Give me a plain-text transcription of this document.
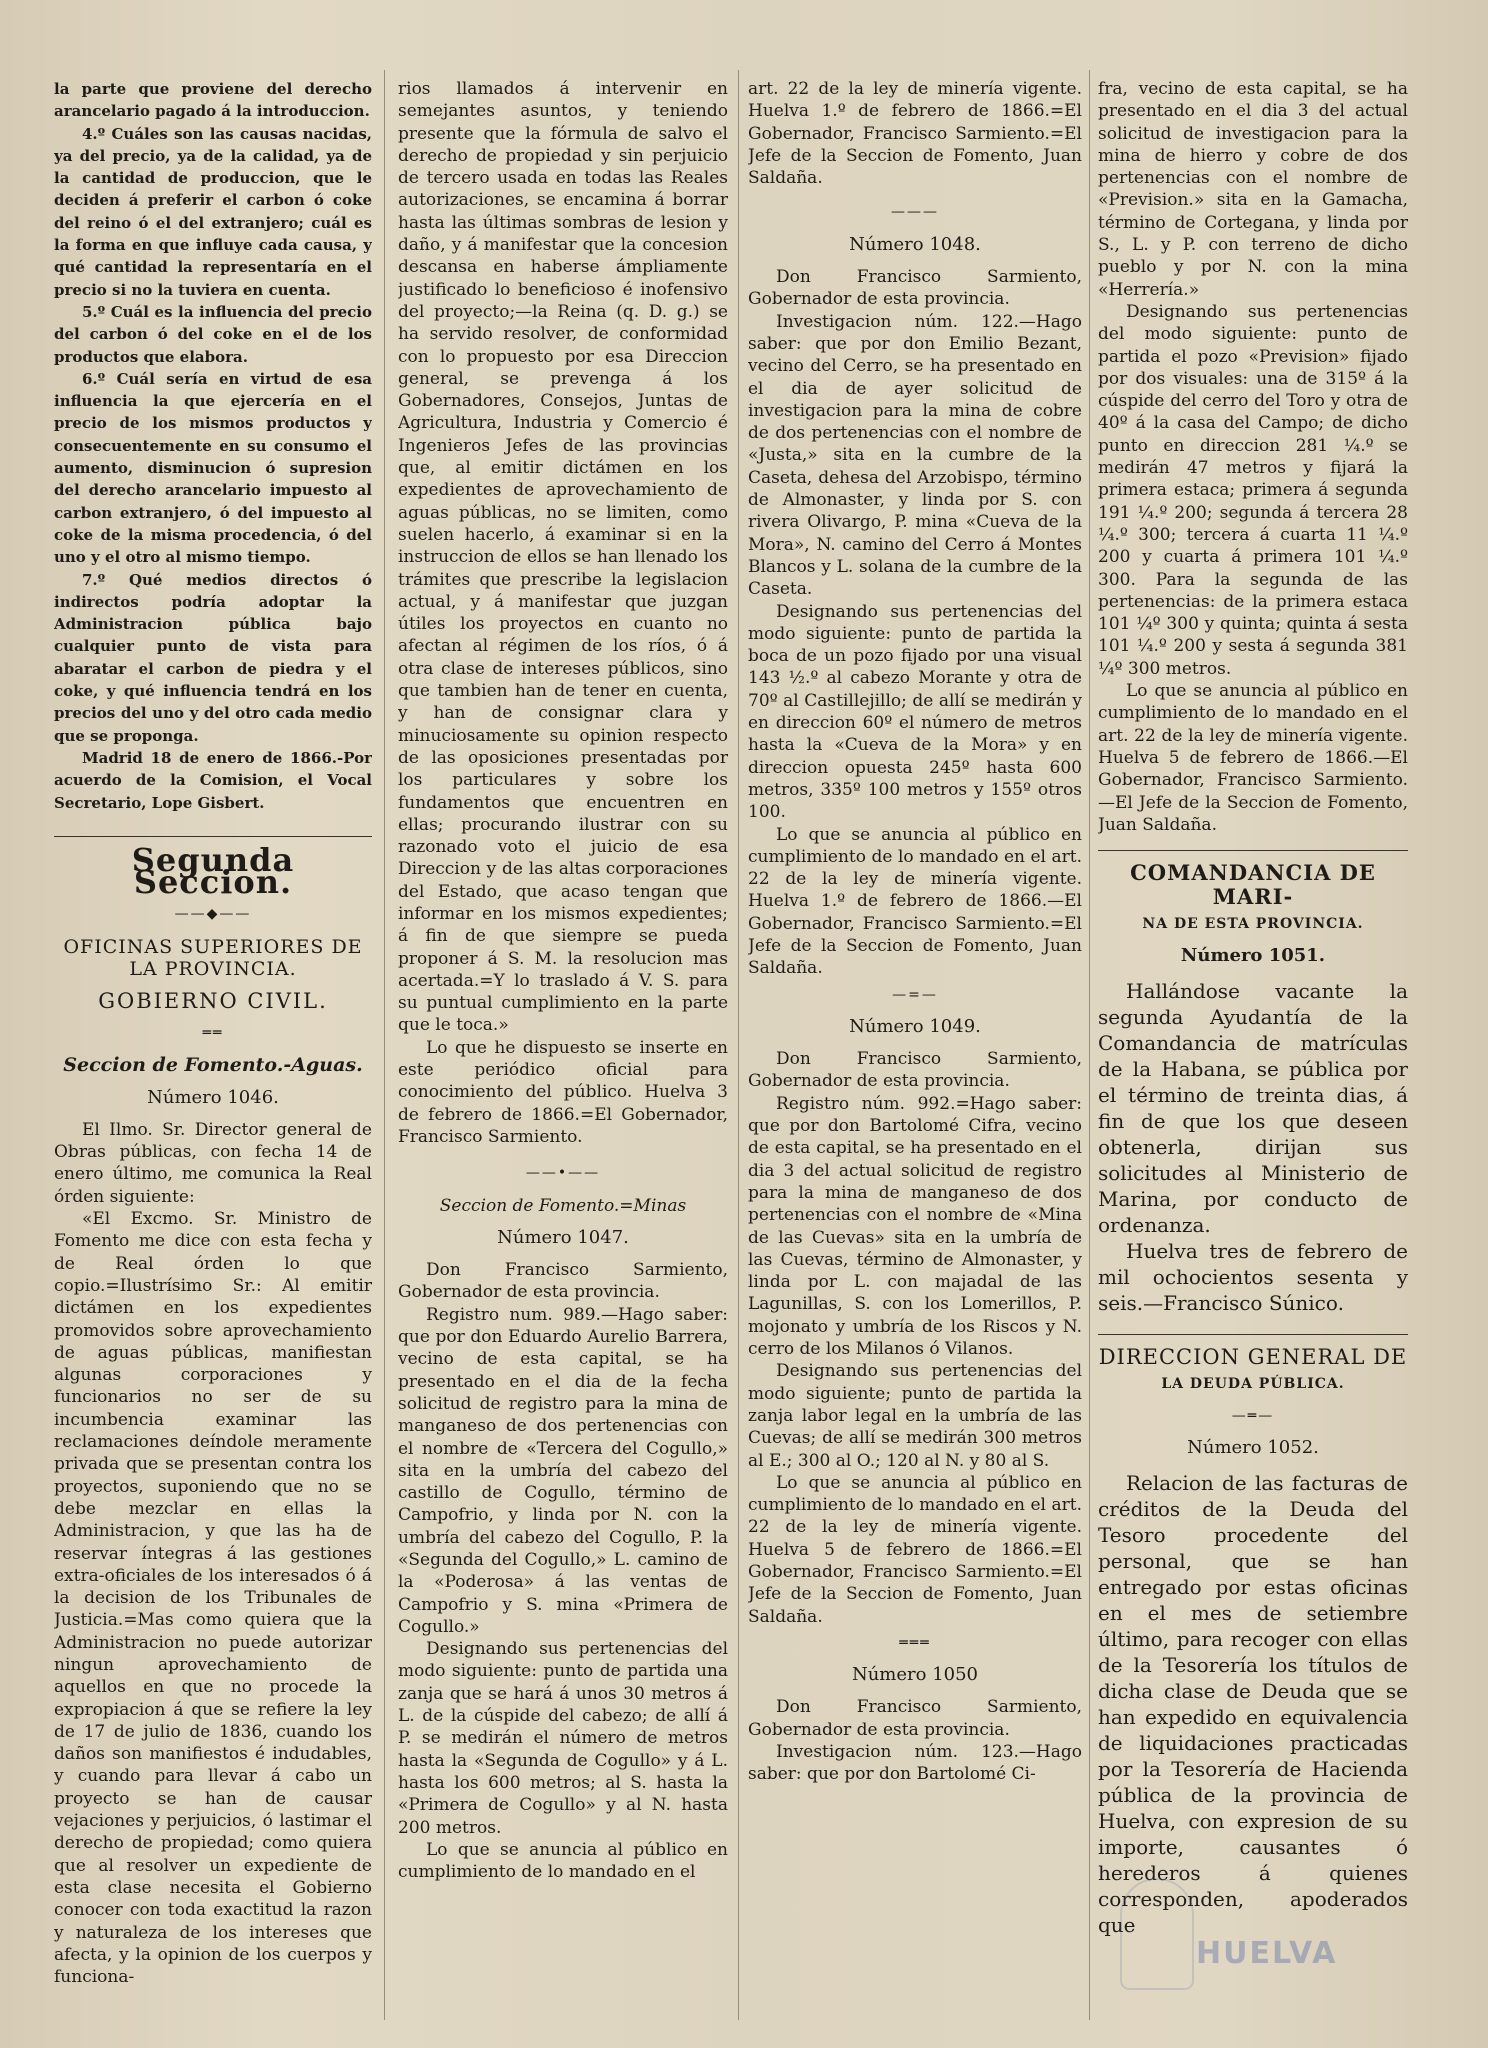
la parte que proviene del derecho arancelario pagado á la introduccion.

4.º Cuáles son las causas nacidas, ya del precio, ya de la calidad, ya de la cantidad de produccion, que le deciden á preferir el carbon ó coke del reino ó el del extranjero; cuál es la forma en que influye cada causa, y qué cantidad la representaría en el precio si no la tuviera en cuenta.

5.º Cuál es la influencia del precio del carbon ó del coke en el de los productos que elabora.

6.º Cuál sería en virtud de esa influencia la que ejercería en el precio de los mismos productos y consecuentemente en su consumo el aumento, disminucion ó supresion del derecho arancelario impuesto al carbon extranjero, ó del impuesto al coke de la misma procedencia, ó del uno y el otro al mismo tiempo.

7.º Qué medios directos ó indirectos podría adoptar la Administracion pública bajo cualquier punto de vista para abaratar el carbon de piedra y el coke, y qué influencia tendrá en los precios del uno y del otro cada medio que se proponga.

Madrid 18 de enero de 1866.-Por acuerdo de la Comision, el Vocal Secretario, Lope Gisbert.

Segunda Seccion.
——◆——
OFICINAS SUPERIORES DE LA PROVINCIA.
GOBIERNO CIVIL.
══
Seccion de Fomento.-Aguas.
Número 1046.

El Ilmo. Sr. Director general de Obras públicas, con fecha 14 de enero último, me comunica la Real órden siguiente:

«El Excmo. Sr. Ministro de Fomento me dice con esta fecha y de Real órden lo que copio.=Ilustrísimo Sr.: Al emitir dictámen en los expedientes promovidos sobre aprovechamiento de aguas públicas, manifiestan algunas corporaciones y funcionarios no ser de su incumbencia examinar las reclamaciones deíndole meramente privada que se presentan contra los proyectos, suponiendo que no se debe mezclar en ellas la Administracion, y que las ha de reservar íntegras á las gestiones extra-oficiales de los interesados ó á la decision de los Tribunales de Justicia.=Mas como quiera que la Administracion no puede autorizar ningun aprovechamiento de aquellos en que no procede la expropiacion á que se refiere la ley de 17 de julio de 1836, cuando los daños son manifiestos é indudables, y cuando para llevar á cabo un proyecto se han de causar vejaciones y perjuicios, ó lastimar el derecho de propiedad; como quiera que al resolver un expediente de esta clase necesita el Gobierno conocer con toda exactitud la razon y naturaleza de los intereses que afecta, y la opinion de los cuerpos y funciona-

rios llamados á intervenir en semejantes asuntos, y teniendo presente que la fórmula de salvo el derecho de propiedad y sin perjuicio de tercero usada en todas las Reales autorizaciones, se encamina á borrar hasta las últimas sombras de lesion y daño, y á manifestar que la concesion descansa en haberse ámpliamente justificado lo beneficioso é inofensivo del proyecto;—la Reina (q. D. g.) se ha servido resolver, de conformidad con lo propuesto por esa Direccion general, se prevenga á los Gobernadores, Consejos, Juntas de Agricultura, Industria y Comercio é Ingenieros Jefes de las provincias que, al emitir dictámen en los expedientes de aprovechamiento de aguas públicas, no se limiten, como suelen hacerlo, á examinar si en la instruccion de ellos se han llenado los trámites que prescribe la legislacion actual, y á manifestar que juzgan útiles los proyectos en cuanto no afectan al régimen de los ríos, ó á otra clase de intereses públicos, sino que tambien han de tener en cuenta, y han de consignar clara y minuciosamente su opinion respecto de las oposiciones presentadas por los particulares y sobre los fundamentos que encuentren en ellas; procurando ilustrar con su razonado voto el juicio de esa Direccion y de las altas corporaciones del Estado, que acaso tengan que informar en los mismos expedientes; á fin de que siempre se pueda proponer á S. M. la resolucion mas acertada.=Y lo traslado á V. S. para su puntual cumplimiento en la parte que le toca.»

Lo que he dispuesto se inserte en este periódico oficial para conocimiento del público. Huelva 3 de febrero de 1866.=El Gobernador, Francisco Sarmiento.

——•——
Seccion de Fomento.=Minas
Número 1047.

Don Francisco Sarmiento, Gobernador de esta provincia.

Registro num. 989.—Hago saber: que por don Eduardo Aurelio Barrera, vecino de esta capital, se ha presentado en el dia de la fecha solicitud de registro para la mina de manganeso de dos pertenencias con el nombre de «Tercera del Cogullo,» sita en la umbría del cabezo del castillo de Cogullo, término de Campofrio, y linda por N. con la umbría del cabezo del Cogullo, P. la «Segunda del Cogullo,» L. camino de la «Poderosa» á las ventas de Campofrio y S. mina «Primera de Cogullo.»

Designando sus pertenencias del modo siguiente: punto de partida una zanja que se hará á unos 30 metros á L. de la cúspide del cabezo; de allí á P. se medirán el número de metros hasta la «Segunda de Cogullo» y á L. hasta los 600 metros; al S. hasta la «Primera de Cogullo» y al N. hasta 200 metros.

Lo que se anuncia al público en cumplimiento de lo mandado en el

art. 22 de la ley de minería vigente. Huelva 1.º de febrero de 1866.=El Gobernador, Francisco Sarmiento.=El Jefe de la Seccion de Fomento, Juan Saldaña.

———
Número 1048.

Don Francisco Sarmiento, Gobernador de esta provincia.

Investigacion núm. 122.—Hago saber: que por don Emilio Bezant, vecino del Cerro, se ha presentado en el dia de ayer solicitud de investigacion para la mina de cobre de dos pertenencias con el nombre de «Justa,» sita en la cumbre de la Caseta, dehesa del Arzobispo, término de Almonaster, y linda por S. con rivera Olivargo, P. mina «Cueva de la Mora», N. camino del Cerro á Montes Blancos y L. solana de la cumbre de la Caseta.

Designando sus pertenencias del modo siguiente: punto de partida la boca de un pozo fijado por una visual 143 ½.º al cabezo Morante y otra de 70º al Castillejillo; de allí se medirán y en direccion 60º el número de metros hasta la «Cueva de la Mora» y en direccion opuesta 245º hasta 600 metros, 335º 100 metros y 155º otros 100.

Lo que se anuncia al público en cumplimiento de lo mandado en el art. 22 de la ley de minería vigente. Huelva 1.º de febrero de 1866.—El Gobernador, Francisco Sarmiento.=El Jefe de la Seccion de Fomento, Juan Saldaña.

—=—
Número 1049.

Don Francisco Sarmiento, Gobernador de esta provincia.

Registro núm. 992.=Hago saber: que por don Bartolomé Cifra, vecino de esta capital, se ha presentado en el dia 3 del actual solicitud de registro para la mina de manganeso de dos pertenencias con el nombre de «Mina de las Cuevas» sita en la umbría de las Cuevas, término de Almonaster, y linda por L. con majadal de las Lagunillas, S. con los Lomerillos, P. mojonato y umbría de los Riscos y N. cerro de los Milanos ó Vilanos.

Designando sus pertenencias del modo siguiente; punto de partida la zanja labor legal en la umbría de las Cuevas; de allí se medirán 300 metros al E.; 300 al O.; 120 al N. y 80 al S.

Lo que se anuncia al público en cumplimiento de lo mandado en el art. 22 de la ley de minería vigente. Huelva 5 de febrero de 1866.=El Gobernador, Francisco Sarmiento.=El Jefe de la Seccion de Fomento, Juan Saldaña.

═══
Número 1050

Don Francisco Sarmiento, Gobernador de esta provincia.

Investigacion núm. 123.—Hago saber: que por don Bartolomé Ci-

fra, vecino de esta capital, se ha presentado en el dia 3 del actual solicitud de investigacion para la mina de hierro y cobre de dos pertenencias con el nombre de «Prevision.» sita en la Gamacha, término de Cortegana, y linda por S., L. y P. con terreno de dicho pueblo y por N. con la mina «Herrería.»

Designando sus pertenencias del modo siguiente: punto de partida el pozo «Prevision» fijado por dos visuales: una de 315º á la cúspide del cerro del Toro y otra de 40º á la casa del Campo; de dicho punto en direccion 281 ¼.º se medirán 47 metros y fijará la primera estaca; primera á segunda 191 ¼.º 200; segunda á tercera 28 ¼.º 300; tercera á cuarta 11 ¼.º 200 y cuarta á primera 101 ¼.º 300. Para la segunda de las pertenencias: de la primera estaca 101 ¼º 300 y quinta; quinta á sesta 101 ¼.º 200 y sesta á segunda 381 ¼º 300 metros.

Lo que se anuncia al público en cumplimiento de lo mandado en el art. 22 de la ley de minería vigente. Huelva 5 de febrero de 1866.—El Gobernador, Francisco Sarmiento.—El Jefe de la Seccion de Fomento, Juan Saldaña.

COMANDANCIA DE MARI-
NA DE ESTA PROVINCIA.
Número 1051.

Hallándose vacante la segunda Ayudantía de la Comandancia de matrículas de la Habana, se pública por el término de treinta dias, á fin de que los que deseen obtenerla, dirijan sus solicitudes al Ministerio de Marina, por conducto de ordenanza.

Huelva tres de febrero de mil ochocientos sesenta y seis.—Francisco Súnico.

DIRECCION GENERAL DE
LA DEUDA PÚBLICA.
—═—
Número 1052.

Relacion de las facturas de créditos de la Deuda del Tesoro procedente del personal, que se han entregado por estas oficinas en el mes de setiembre último, para recoger con ellas de la Tesorería los títulos de dicha clase de Deuda que se han expedido en equivalencia de liquidaciones practicadas por la Tesorería de Hacienda pública de la provincia de Huelva, con expresion de su importe, causantes ó herederos á quienes corresponden, apoderados que

HUELVA
